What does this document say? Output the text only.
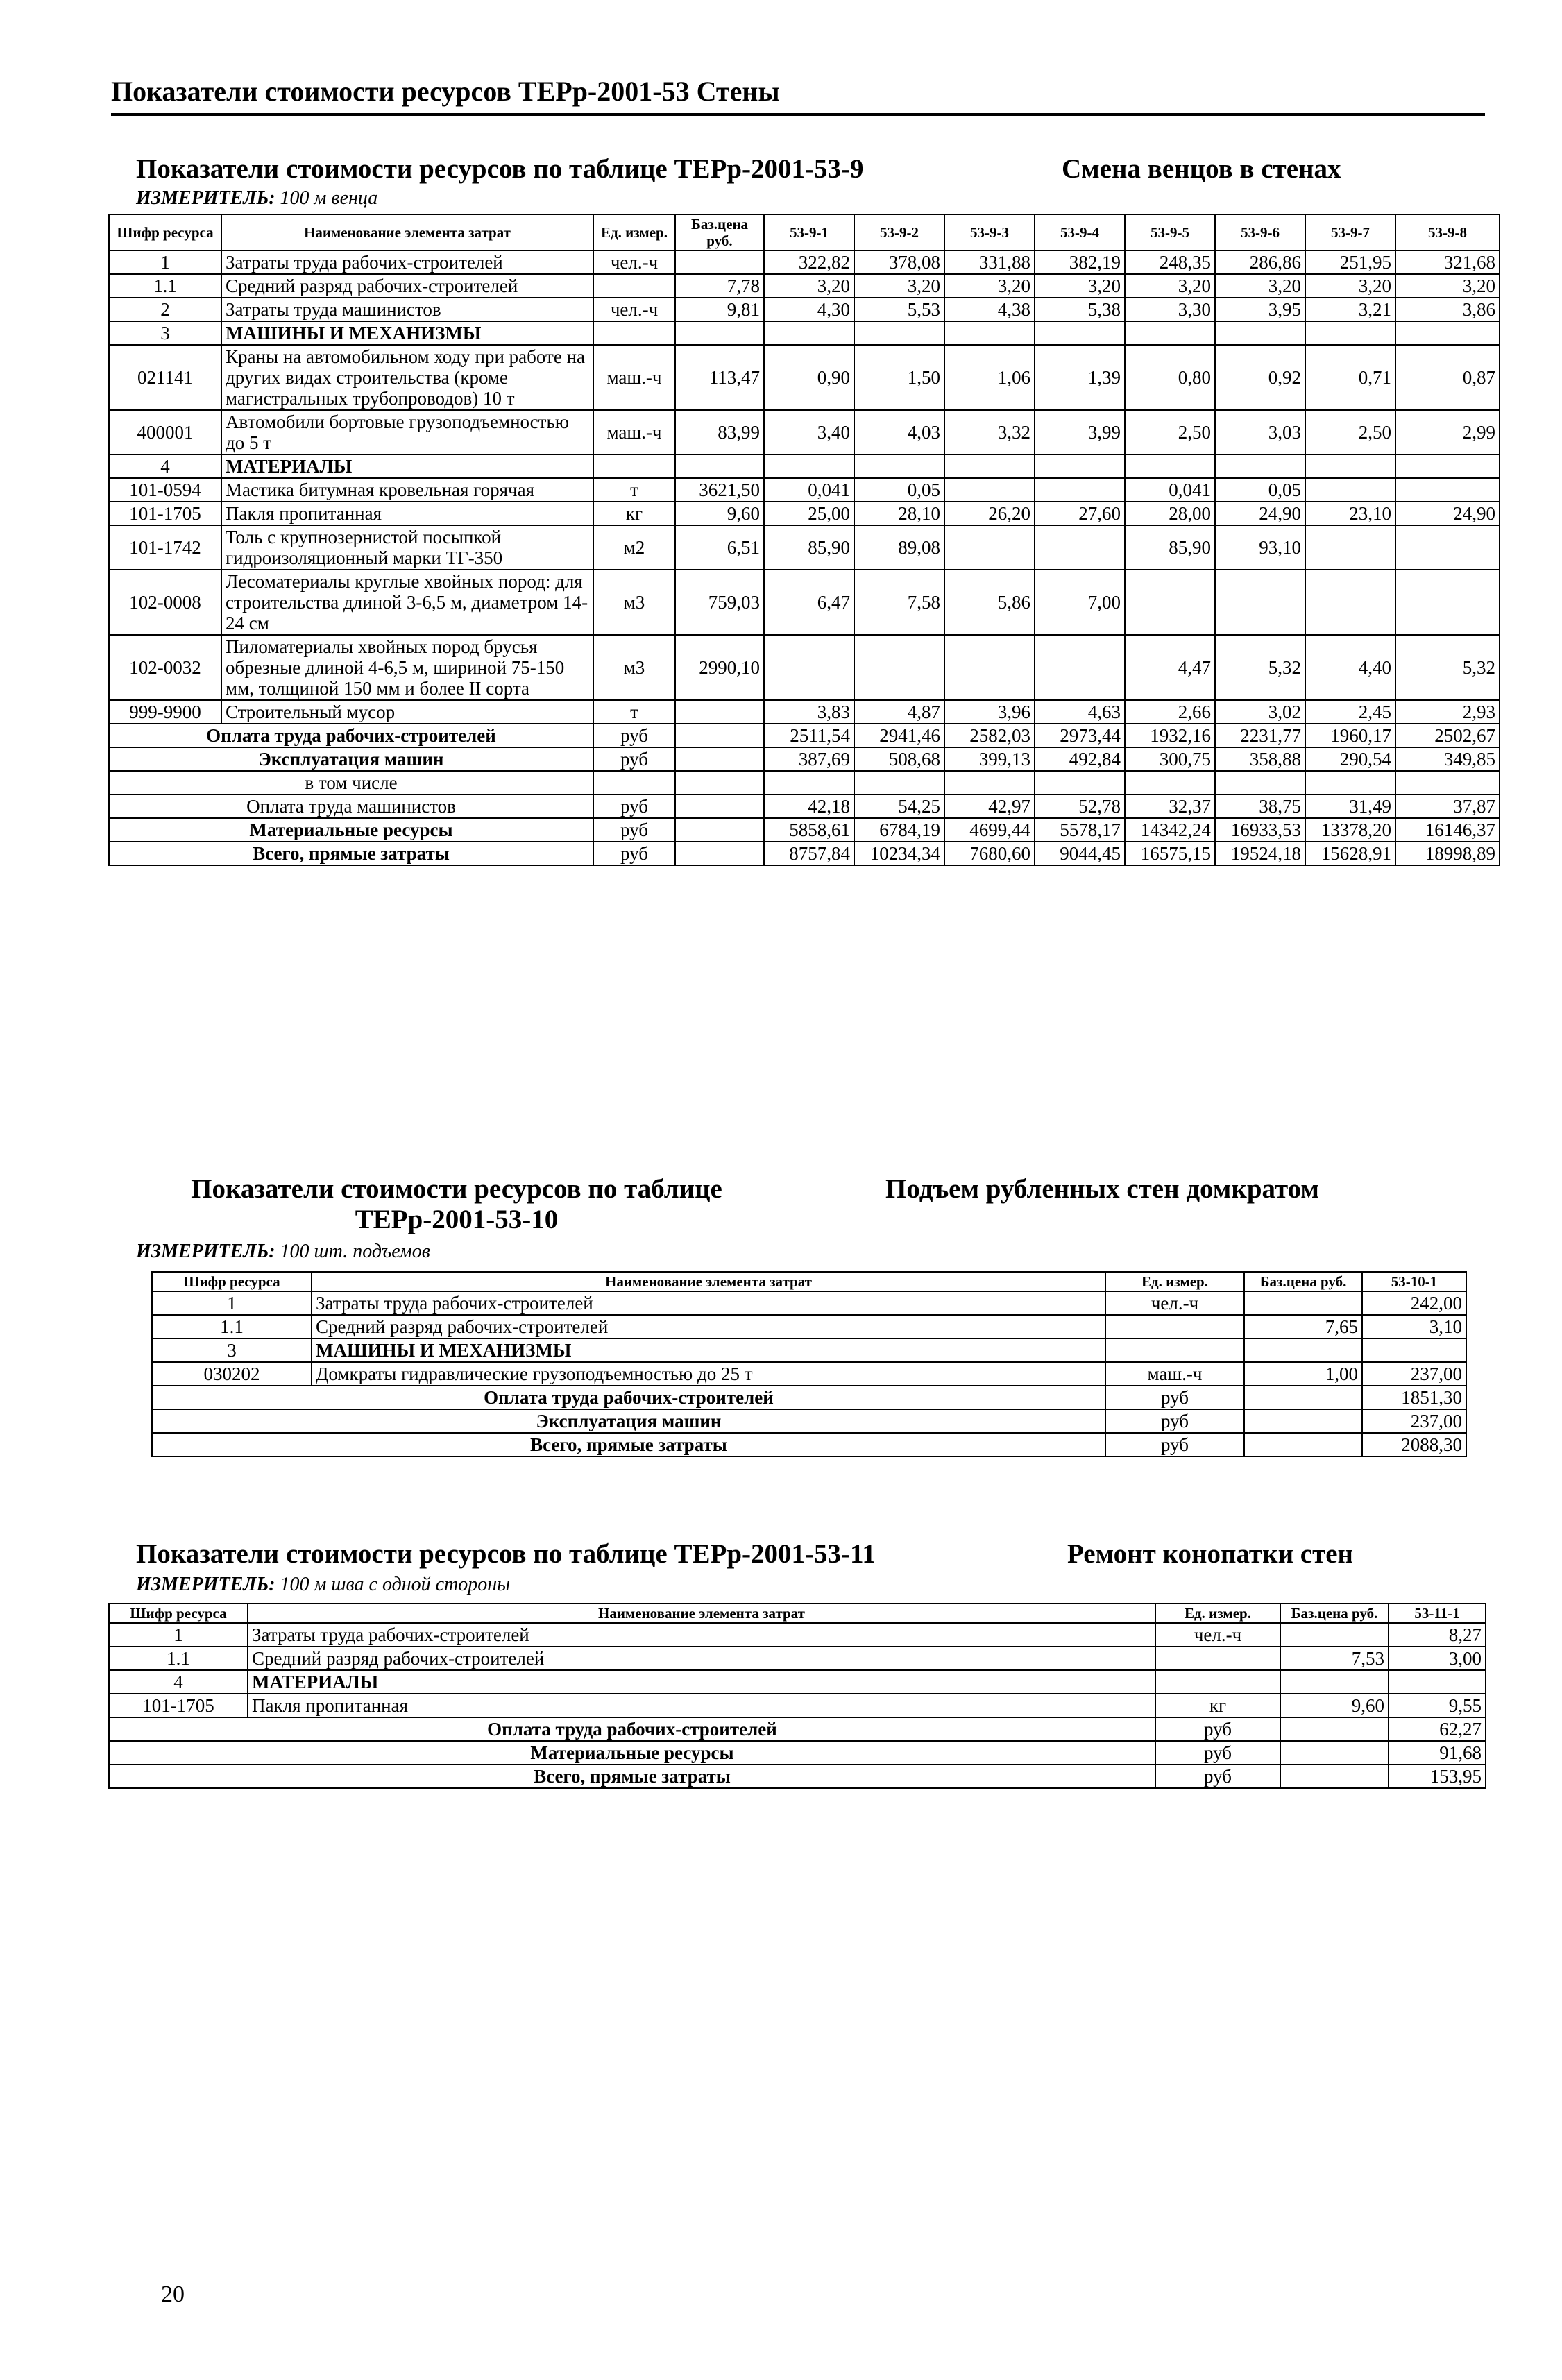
Показатели стоимости ресурсов ТЕРр-2001-53 Стены
Показатели стоимости ресурсов по таблице ТЕРр-2001-53-9	Смена венцов в стенах
ИЗМЕРИТЕЛЬ: 100 м венца
Шифр ресурса	Наименование элемента затрат	Ед. измер.	Баз.цена руб.	53-9-1	53-9-2	53-9-3	53-9-4	53-9-5	53-9-6	53-9-7	53-9-8
1	Затраты труда рабочих-строителей	чел.-ч		322,82	378,08	331,88	382,19	248,35	286,86	251,95	321,68
1.1	Средний разряд рабочих-строителей		7,78	3,20	3,20	3,20	3,20	3,20	3,20	3,20	3,20
2	Затраты труда машинистов	чел.-ч	9,81	4,30	5,53	4,38	5,38	3,30	3,95	3,21	3,86
3	МАШИНЫ И МЕХАНИЗМЫ										
021141	Краны на автомобильном ходу при работе на других видах строительства (кроме магистральных трубопроводов) 10 т	маш.-ч	113,47	0,90	1,50	1,06	1,39	0,80	0,92	0,71	0,87
400001	Автомобили бортовые грузоподъемностью до 5 т	маш.-ч	83,99	3,40	4,03	3,32	3,99	2,50	3,03	2,50	2,99
4	МАТЕРИАЛЫ										
101-0594	Мастика битумная кровельная горячая	т	3621,50	0,041	0,05			0,041	0,05		
101-1705	Пакля пропитанная	кг	9,60	25,00	28,10	26,20	27,60	28,00	24,90	23,10	24,90
101-1742	Толь с крупнозернистой посыпкой гидроизоляционный марки ТГ-350	м2	6,51	85,90	89,08			85,90	93,10		
102-0008	Лесоматериалы круглые хвойных пород: для строительства длиной 3-6,5 м, диаметром 14-24 см	м3	759,03	6,47	7,58	5,86	7,00				
102-0032	Пиломатериалы хвойных пород брусья обрезные длиной 4-6,5 м, шириной 75-150 мм, толщиной 150 мм и более II сорта	м3	2990,10					4,47	5,32	4,40	5,32
999-9900	Строительный мусор	т		3,83	4,87	3,96	4,63	2,66	3,02	2,45	2,93
Оплата труда рабочих-строителей		руб		2511,54	2941,46	2582,03	2973,44	1932,16	2231,77	1960,17	2502,67
Эксплуатация машин		руб		387,69	508,68	399,13	492,84	300,75	358,88	290,54	349,85
в том числе											
Оплата труда машинистов		руб		42,18	54,25	42,97	52,78	32,37	38,75	31,49	37,87
Материальные ресурсы		руб		5858,61	6784,19	4699,44	5578,17	14342,24	16933,53	13378,20	16146,37
Всего, прямые затраты		руб		8757,84	10234,34	7680,60	9044,45	16575,15	19524,18	15628,91	18998,89
Показатели стоимости ресурсов по таблице ТЕРр-2001-53-10
Подъем рубленных стен домкратом
ИЗМЕРИТЕЛЬ: 100 шт. подъемов
Шифр ресурса	Наименование элемента затрат	Ед. измер.	Баз.цена руб.	53-10-1
1	Затраты труда рабочих-строителей	чел.-ч		242,00
1.1	Средний разряд рабочих-строителей		7,65	3,10
3	МАШИНЫ И МЕХАНИЗМЫ			
030202	Домкраты гидравлические грузоподъемностью до 25 т	маш.-ч	1,00	237,00
Оплата труда рабочих-строителей		руб		1851,30
Эксплуатация машин		руб		237,00
Всего, прямые затраты		руб		2088,30
Показатели стоимости ресурсов по таблице ТЕРр-2001-53-11	Ремонт конопатки стен
ИЗМЕРИТЕЛЬ: 100 м шва с одной стороны
Шифр ресурса	Наименование элемента затрат	Ед. измер.	Баз.цена руб.	53-11-1
1	Затраты труда рабочих-строителей	чел.-ч		8,27
1.1	Средний разряд рабочих-строителей		7,53	3,00
4	МАТЕРИАЛЫ			
101-1705	Пакля пропитанная	кг	9,60	9,55
Оплата труда рабочих-строителей		руб		62,27
Материальные ресурсы		руб		91,68
Всего, прямые затраты		руб		153,95
20
